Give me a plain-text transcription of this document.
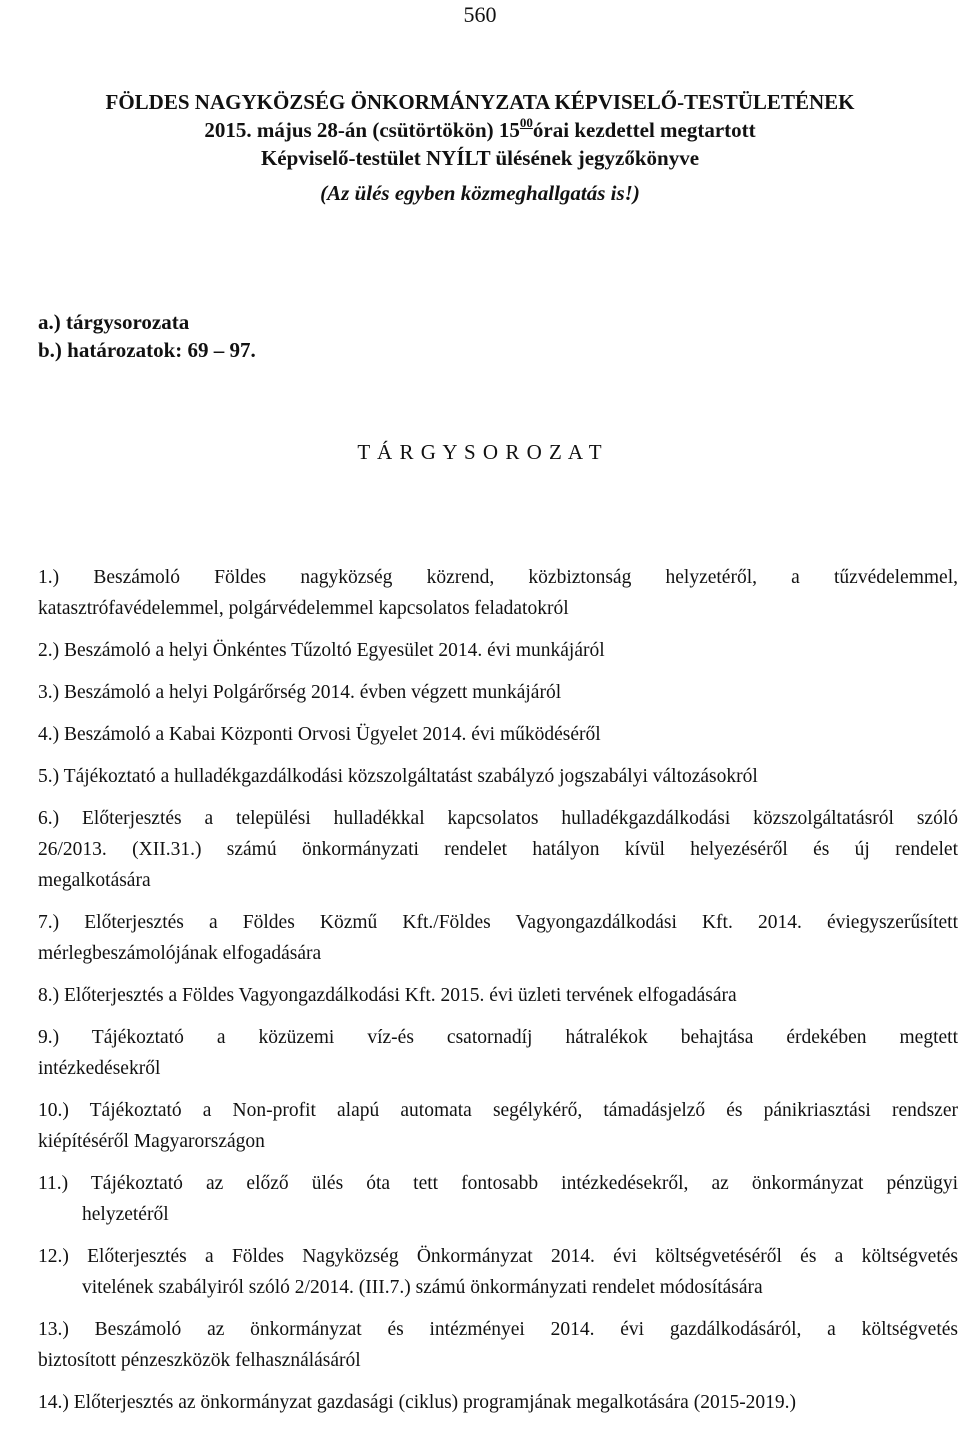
560
FÖLDES NAGYKÖZSÉG ÖNKORMÁNYZATA KÉPVISELŐ-TESTÜLETÉNEK
2015. május 28-án (csütörtökön) $15^{00}órai$ kezdettel megtartott
Képviselő-testület NYÍLT ülésének jegyzőkönyve
(Az ülés egyben közmeghallgatás is!)
a.) tárgysorozata
b.) határozatok: 69 – 97.
T Á R G Y S O R O Z A T
1.) Beszámoló Földes nagyközség közrend, közbiztonság helyzetéről, a tűzvédelemmel,
katasztrófavédelemmel, polgárvédelemmel kapcsolatos feladatokról
2.) Beszámoló a helyi Önkéntes Tűzoltó Egyesület 2014. évi munkájáról
3.) Beszámoló a helyi Polgárőrség 2014. évben végzett munkájáról
4.) Beszámoló a Kabai Központi Orvosi Ügyelet 2014. évi működéséről
5.) Tájékoztató a hulladékgazdálkodási közszolgáltatást szabályzó jogszabályi változásokról
6.) Előterjesztés a települési hulladékkal kapcsolatos hulladékgazdálkodási közszolgáltatásról szóló
26/2013. (XII.31.) számú önkormányzati rendelet hatályon kívül helyezéséről és új rendelet
megalkotására
7.) Előterjesztés a Földes Közmű Kft./Földes Vagyongazdálkodási Kft. 2014. éviegyszerűsített
mérlegbeszámolójának elfogadására
8.) Előterjesztés a Földes Vagyongazdálkodási Kft. 2015. évi üzleti tervének elfogadására
9.) Tájékoztató a közüzemi víz-és csatornadíj hátralékok behajtása érdekében megtett
intézkedésekről
10.) Tájékoztató a Non-profit alapú automata segélykérő, támadásjelző és pánikriasztási rendszer
kiépítéséről Magyarországon
11.) Tájékoztató az előző ülés óta tett fontosabb intézkedésekről, az önkormányzat pénzügyi
helyzetéről
12.) Előterjesztés a Földes Nagyközség Önkormányzat 2014. évi költségvetéséről és a költségvetés
vitelének szabályiról szóló 2/2014. (III.7.) számú önkormányzati rendelet módosítására
13.) Beszámoló az önkormányzat és intézményei 2014. évi gazdálkodásáról, a költségvetés
biztosított pénzeszközök felhasználásáról
14.) Előterjesztés az önkormányzat gazdasági (ciklus) programjának megalkotására (2015-2019.)
